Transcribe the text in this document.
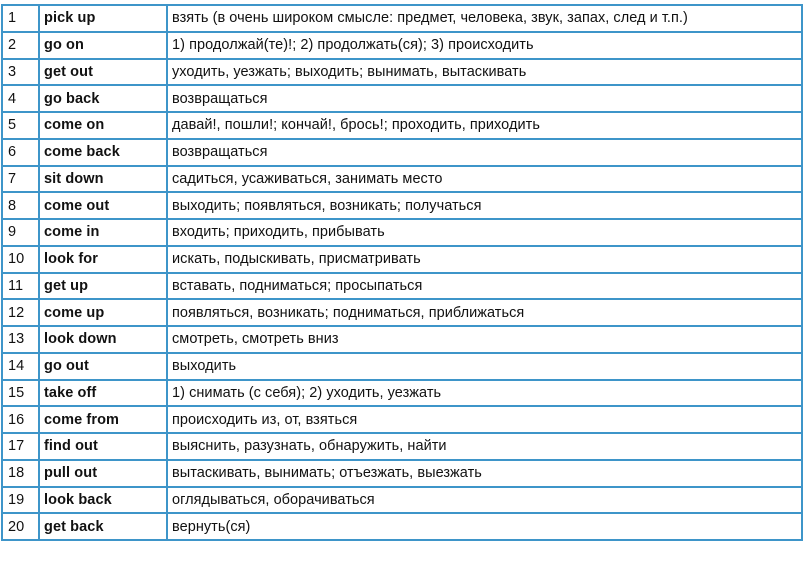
1	pick up	взять (в очень широком смысле: предмет, человека, звук, запах, след и т.п.)
2	go on	1) продолжай(те)!; 2) продолжать(ся); 3) происходить
3	get out	уходить, уезжать; выходить; вынимать, вытаскивать
4	go back	возвращаться
5	come on	давай!, пошли!; кончай!, брось!; проходить, приходить
6	come back	возвращаться
7	sit down	садиться, усаживаться, занимать место
8	come out	выходить; появляться, возникать; получаться
9	come in	входить; приходить, прибывать
10	look for	искать, подыскивать, присматривать
11	get up	вставать, подниматься; просыпаться
12	come up	появляться, возникать; подниматься, приближаться
13	look down	смотреть, смотреть вниз
14	go out	выходить
15	take off	1) снимать (с себя); 2) уходить, уезжать
16	come from	происходить из, от, взяться
17	find out	выяснить, разузнать, обнаружить, найти
18	pull out	вытаскивать, вынимать; отъезжать, выезжать
19	look back	оглядываться, оборачиваться
20	get back	вернуть(ся)
